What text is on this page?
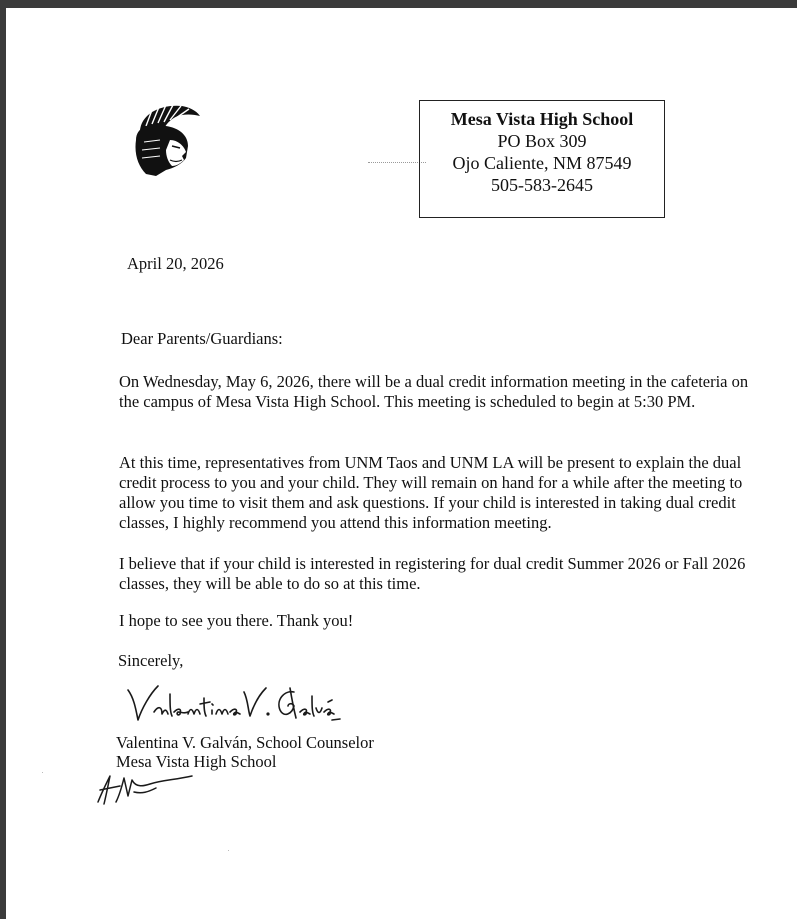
Mesa Vista High School
PO Box 309
Ojo Caliente, NM 87549
505-583-2645

April 20, 2026

Dear Parents/Guardians:

On Wednesday, May 6, 2026, there will be a dual credit information meeting in the cafeteria on the campus of Mesa Vista High School. This meeting is scheduled to begin at 5:30 PM.

At this time, representatives from UNM Taos and UNM LA will be present to explain the dual credit process to you and your child. They will remain on hand for a while after the meeting to allow you time to visit them and ask questions. If your child is interested in taking dual credit classes, I highly recommend you attend this information meeting.

I believe that if your child is interested in registering for dual credit Summer 2026 or Fall 2026 classes, they will be able to do so at this time.

I hope to see you there. Thank you!

Sincerely,

Valentina V. Galván, School Counselor

Mesa Vista High School
